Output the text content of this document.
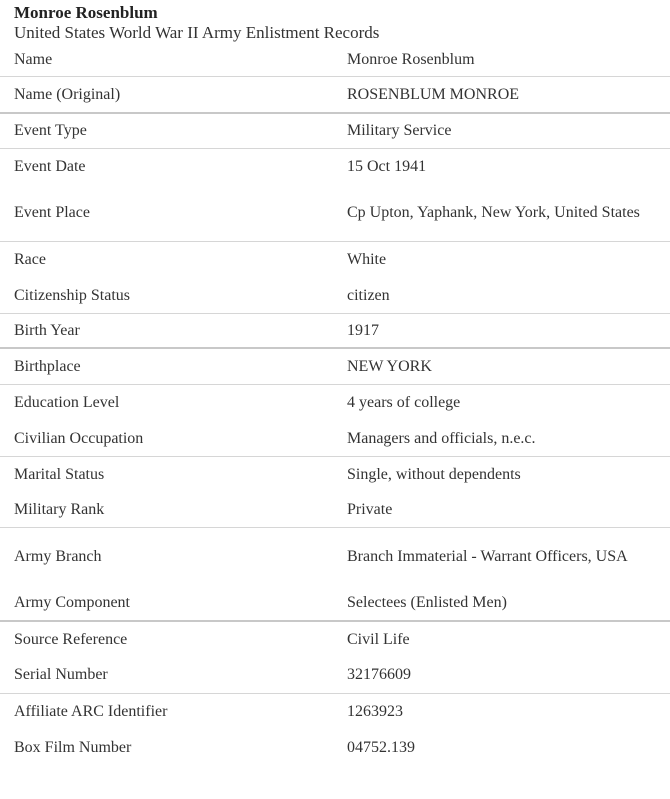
Monroe Rosenblum
United States World War II Army Enlistment Records
Name	Monroe Rosenblum
Name (Original)	ROSENBLUM MONROE
Event Type	Military Service
Event Date	15 Oct 1941
Event Place	Cp Upton, Yaphank, New York, United States
Race	White
Citizenship Status	citizen
Birth Year	1917
Birthplace	NEW YORK
Education Level	4 years of college
Civilian Occupation	Managers and officials, n.e.c.
Marital Status	Single, without dependents
Military Rank	Private
Army Branch	Branch Immaterial - Warrant Officers, USA
Army Component	Selectees (Enlisted Men)
Source Reference	Civil Life
Serial Number	32176609
Affiliate ARC Identifier	1263923
Box Film Number	04752.139
